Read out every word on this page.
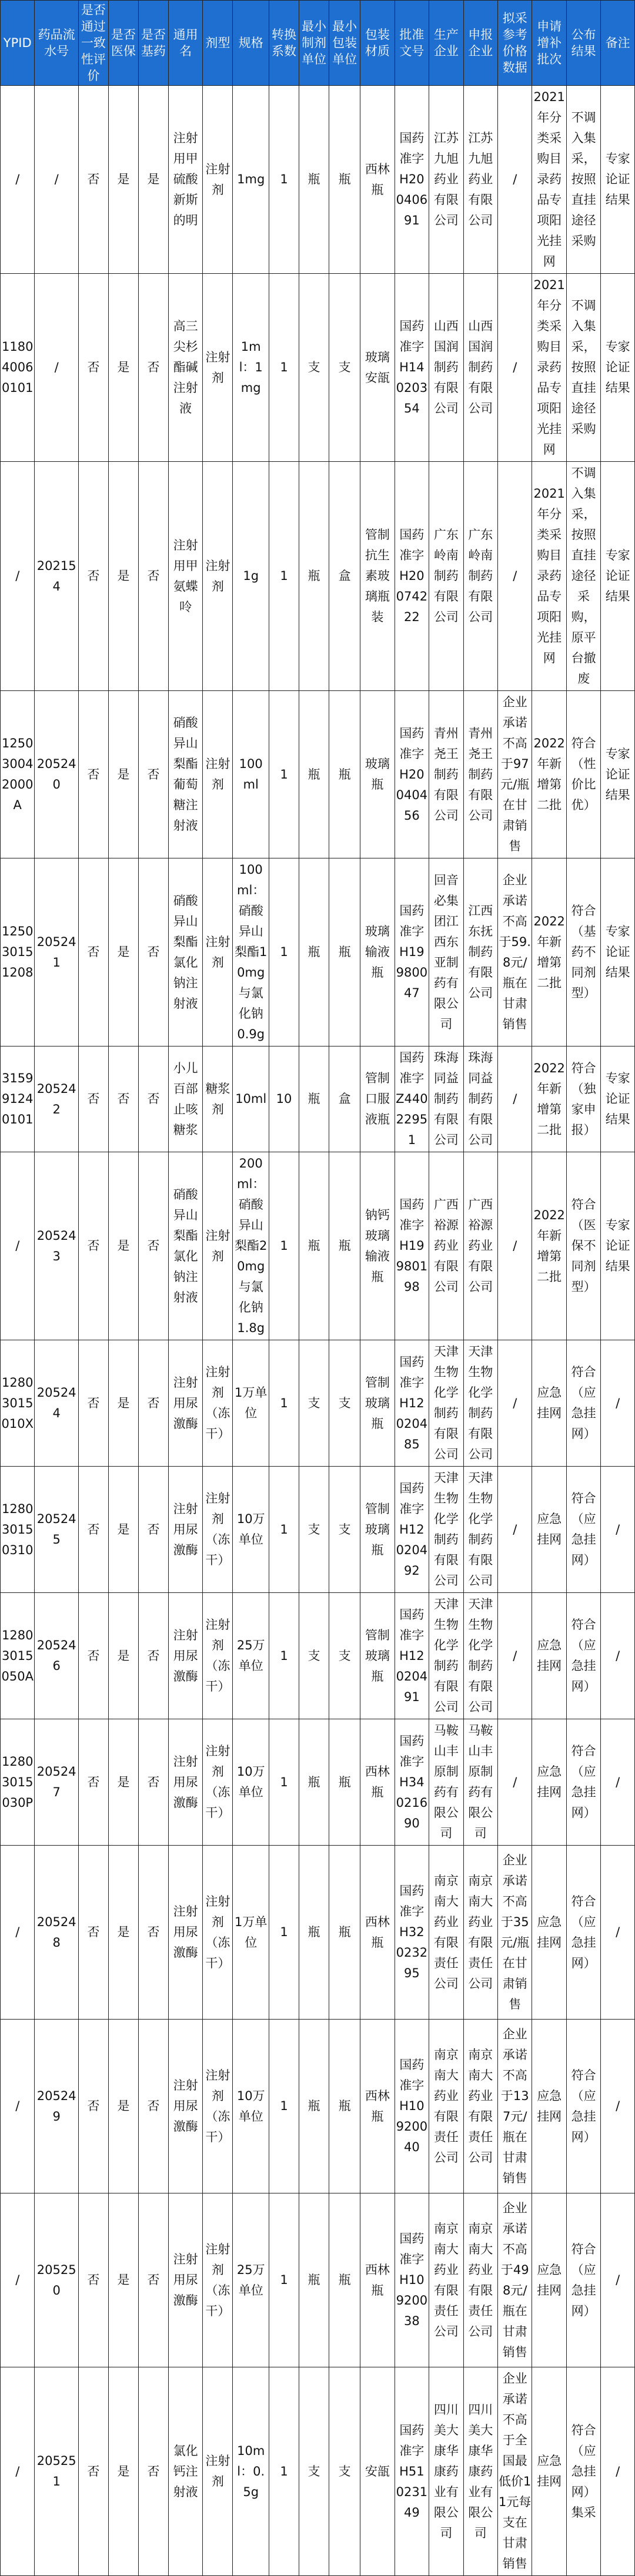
YPID	药品流水号	是否通过一致性评价	是否医保	是否基药	通用名	剂型	规格	转换系数	最小制剂单位	最小包装单位	包装材质	批准文号	生产企业	申报企业	拟采参考价格数据	申请增补批次	公布结果	备注
/	/	否	是	是	注射用甲硫酸新斯的明	注射剂	1mg	1	瓶	瓶	西林瓶	国药准字H20040691	江苏九旭药业有限公司	江苏九旭药业有限公司	/	2021年分类采购目录药品专项阳光挂网	不调入集采，按照直挂途径采购	专家论证结果
118040060101	/	否	是	否	高三尖杉酯碱注射液	注射剂	1ml：1mg	1	支	支	玻璃安瓿	国药准字H14020354	山西国润制药有限公司	山西国润制药有限公司	/	2021年分类采购目录药品专项阳光挂网	不调入集采，按照直挂途径采购	专家论证结果
/	202154	否	是	否	注射用甲氨蝶呤	注射剂	1g	1	瓶	盒	管制抗生素玻璃瓶装	国药准字H20074222	广东岭南制药有限公司	广东岭南制药有限公司	/	2021年分类采购目录药品专项阳光挂网	不调入集采，按照直挂途径采购，原平台撤废	专家论证结果
125030042000A	205240	否	是	否	硝酸异山梨酯葡萄糖注射液	注射剂	100ml	1	瓶	瓶	玻璃瓶	国药准字H20040456	青州尧王制药有限公司	青州尧王制药有限公司	企业承诺不高于97元/瓶在甘肃销售	2022年新增第二批	符合（性价比优）	专家论证结果
125030151208	205241	否	是	否	硝酸异山梨酯氯化钠注射液	注射剂	100ml：硝酸异山梨酯10mg与氯化钠0.9g	1	瓶	瓶	玻璃输液瓶	国药准字H19980047	回音必集团江西东亚制药有限公司	江西东抚制药有限公司	企业承诺不高于59.8元/瓶在甘肃销售	2022年新增第二批	符合（基药不同剂型）	专家论证结果
315991240101	205242	否	否	否	小儿百部止咳糖浆	糖浆剂	10ml	10	瓶	盒	管制口服液瓶	国药准字Z44022951	珠海同益制药有限公司	珠海同益制药有限公司	/	2022年新增第二批	符合（独家申报）	专家论证结果
/	205243	否	是	否	硝酸异山梨酯氯化钠注射液	注射剂	200ml：硝酸异山梨酯20mg与氯化钠1.8g	1	瓶	瓶	钠钙玻璃输液瓶	国药准字H19980198	广西裕源药业有限公司	广西裕源药业有限公司	/	2022年新增第二批	符合（医保不同剂型）	专家论证结果
12803015010X	205244	否	是	否	注射用尿激酶	注射剂（冻干）	1万单位	1	支	支	管制玻璃瓶	国药准字H12020485	天津生物化学制药有限公司	天津生物化学制药有限公司	/	应急挂网	符合（应急挂网）	/
128030150310	205245	否	是	否	注射用尿激酶	注射剂（冻干）	10万单位	1	支	支	管制玻璃瓶	国药准字H12020492	天津生物化学制药有限公司	天津生物化学制药有限公司	/	应急挂网	符合（应急挂网）	/
12803015050A	205246	否	是	否	注射用尿激酶	注射剂（冻干）	25万单位	1	支	支	管制玻璃瓶	国药准字H12020491	天津生物化学制药有限公司	天津生物化学制药有限公司	/	应急挂网	符合（应急挂网）	/
12803015030P	205247	否	是	否	注射用尿激酶	注射剂（冻干）	10万单位	1	瓶	瓶	西林瓶	国药准字H34021690	马鞍山丰原制药有限公司	马鞍山丰原制药有限公司	/	应急挂网	符合（应急挂网）	/
/	205248	否	是	否	注射用尿激酶	注射剂（冻干）	1万单位	1	瓶	瓶	西林瓶	国药准字H32023295	南京南大药业有限责任公司	南京南大药业有限责任公司	企业承诺不高于35元/瓶在甘肃销售	应急挂网	符合（应急挂网）	/
/	205249	否	是	否	注射用尿激酶	注射剂（冻干）	10万单位	1	瓶	瓶	西林瓶	国药准字H10920040	南京南大药业有限责任公司	南京南大药业有限责任公司	企业承诺不高于137元/瓶在甘肃销售	应急挂网	符合（应急挂网）	/
/	205250	否	是	否	注射用尿激酶	注射剂（冻干）	25万单位	1	瓶	瓶	西林瓶	国药准字H10920038	南京南大药业有限责任公司	南京南大药业有限责任公司	企业承诺不高于498元/瓶在甘肃销售	应急挂网	符合（应急挂网）	/
/	205251	否	是	否	氯化钙注射液	注射剂	10ml：0.5g	1	支	支	安瓿	国药准字H51023149	四川美大康华康药业有限公司	四川美大康华康药业有限公司	企业承诺不高于全国最低价11元每支在甘肃销售	应急挂网	符合（应急挂网）集采	/
